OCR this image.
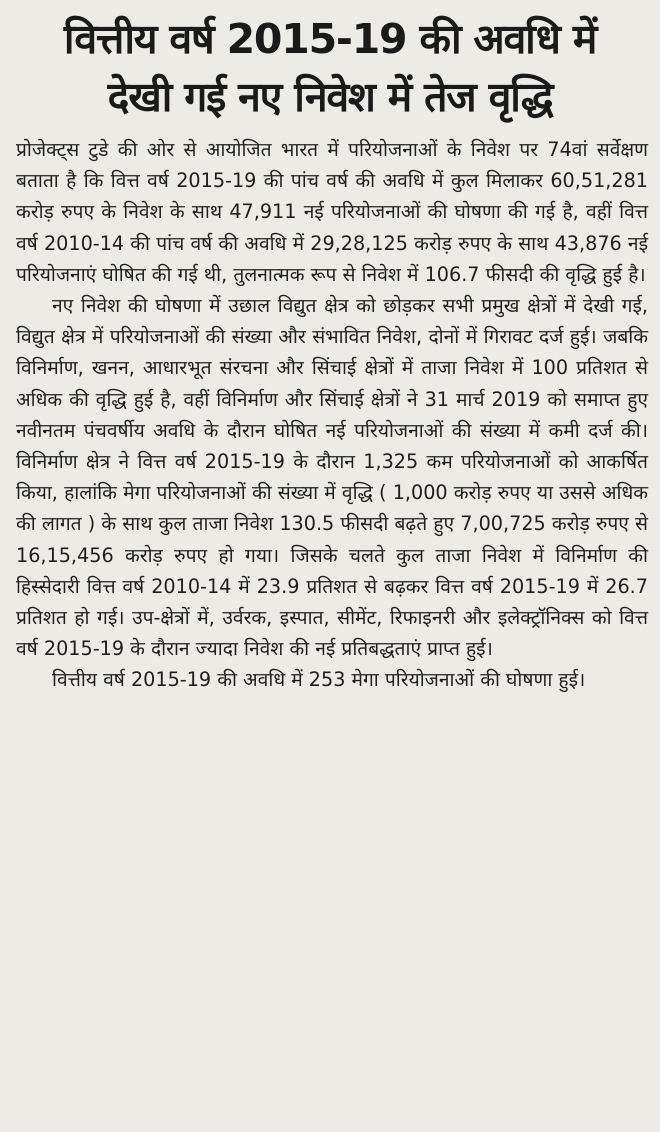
वित्तीय वर्ष 2015-19 की अवधि में
देखी गई नए निवेश में तेज वृद्धि

प्रोजेक्ट्स टुडे की ओर से आयोजित भारत में परियोजनाओं के निवेश पर 74वां सर्वेक्षण बताता है कि वित्त वर्ष 2015-19 की पांच वर्ष की अवधि में कुल मिलाकर 60,51,281 करोड़ रुपए के निवेश के साथ 47,911 नई परियोजनाओं की घोषणा की गई है, वहीं वित्त वर्ष 2010-14 की पांच वर्ष की अवधि में 29,28,125 करोड़ रुपए के साथ 43,876 नई परियोजनाएं घोषित की गई थी, तुलनात्मक रूप से निवेश में 106.7 फीसदी की वृद्धि हुई है।

नए निवेश की घोषणा में उछाल विद्युत क्षेत्र को छोड़कर सभी प्रमुख क्षेत्रों में देखी गई, विद्युत क्षेत्र में परियोजनाओं की संख्या और संभावित निवेश, दोनों में गिरावट दर्ज हुई। जबकि विनिर्माण, खनन, आधारभूत संरचना और सिंचाई क्षेत्रों में ताजा निवेश में 100 प्रतिशत से अधिक की वृद्धि हुई है, वहीं विनिर्माण और सिंचाई क्षेत्रों ने 31 मार्च 2019 को समाप्त हुए नवीनतम पंचवर्षीय अवधि के दौरान घोषित नई परियोजनाओं की संख्या में कमी दर्ज की। विनिर्माण क्षेत्र ने वित्त वर्ष 2015-19 के दौरान 1,325 कम परियोजनाओं को आकर्षित किया, हालांकि मेगा परियोजनाओं की संख्या में वृद्धि ( 1,000 करोड़ रुपए या उससे अधिक की लागत ) के साथ कुल ताजा निवेश 130.5 फीसदी बढ़ते हुए 7,00,725 करोड़ रुपए से 16,15,456 करोड़ रुपए हो गया। जिसके चलते कुल ताजा निवेश में विनिर्माण की हिस्सेदारी वित्त वर्ष 2010-14 में 23.9 प्रतिशत से बढ़कर वित्त वर्ष 2015-19 में 26.7 प्रतिशत हो गई। उप-क्षेत्रों में, उर्वरक, इस्पात, सीमेंट, रिफाइनरी और इलेक्ट्रॉनिक्स को वित्त वर्ष 2015-19 के दौरान ज्यादा निवेश की नई प्रतिबद्धताएं प्राप्त हुई।

वित्तीय वर्ष 2015-19 की अवधि में 253 मेगा परियोजनाओं की घोषणा हुई।
